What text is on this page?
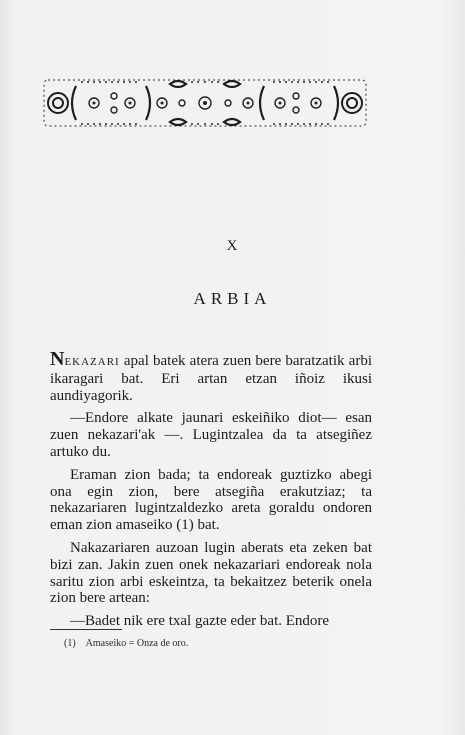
X
ARBIA

NEKAZARI apal batek atera zuen bere baratzatik arbi ikaragari bat. Eri artan etzan iñoiz ikusi aundiyagorik.

—Endore alkate jaunari eskeiñiko diot— esan zuen nekazari'ak —. Lugintzalea da ta atsegiñez artuko du.

Eraman zion bada; ta endoreak guztizko abegi ona egin zion, bere atsegiña erakutziaz; ta nekazariaren lugintzaldezko areta goraldu ondoren eman zion amaseiko (1) bat.

Nakazariaren auzoan lugin aberats eta zeken bat bizi zan. Jakin zuen onek nekazariari endoreak nola saritu zion arbi eskeintza, ta bekaitzez beterik onela zion bere artean:

—Badet nik ere txal gazte eder bat. Endore

(1) Amaseiko = Onza de oro.
